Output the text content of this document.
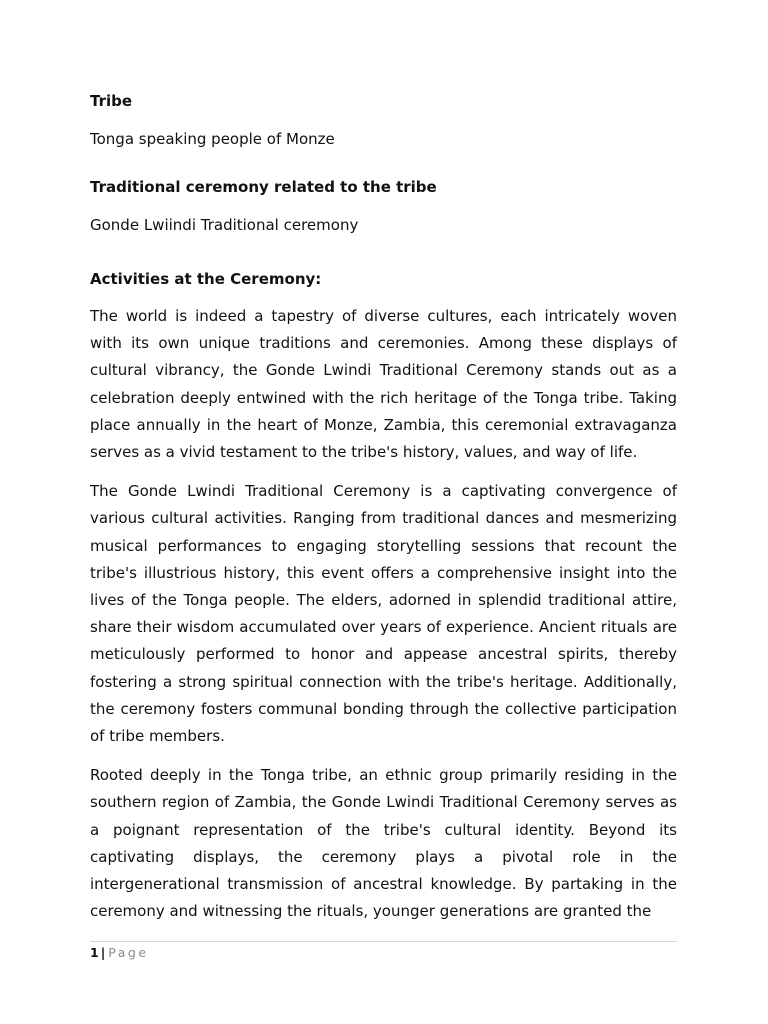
Tribe

Tonga speaking people of Monze

Traditional ceremony related to the tribe

Gonde Lwiindi Traditional ceremony

Activities at the Ceremony:

The world is indeed a tapestry of diverse cultures, each intricately woven with its own unique traditions and ceremonies. Among these displays of cultural vibrancy, the Gonde Lwindi Traditional Ceremony stands out as a celebration deeply entwined with the rich heritage of the Tonga tribe. Taking place annually in the heart of Monze, Zambia, this ceremonial extravaganza serves as a vivid testament to the tribe's history, values, and way of life.

The Gonde Lwindi Traditional Ceremony is a captivating convergence of various cultural activities. Ranging from traditional dances and mesmerizing musical performances to engaging storytelling sessions that recount the tribe's illustrious history, this event offers a comprehensive insight into the lives of the Tonga people. The elders, adorned in splendid traditional attire, share their wisdom accumulated over years of experience. Ancient rituals are meticulously performed to honor and appease ancestral spirits, thereby fostering a strong spiritual connection with the tribe's heritage. Additionally, the ceremony fosters communal bonding through the collective participation of tribe members.

Rooted deeply in the Tonga tribe, an ethnic group primarily residing in the southern region of Zambia, the Gonde Lwindi Traditional Ceremony serves as a poignant representation of the tribe's cultural identity. Beyond its captivating displays, the ceremony plays a pivotal role in the intergenerational transmission of ancestral knowledge. By partaking in the ceremony and witnessing the rituals, younger generations are granted the

1 | Page
